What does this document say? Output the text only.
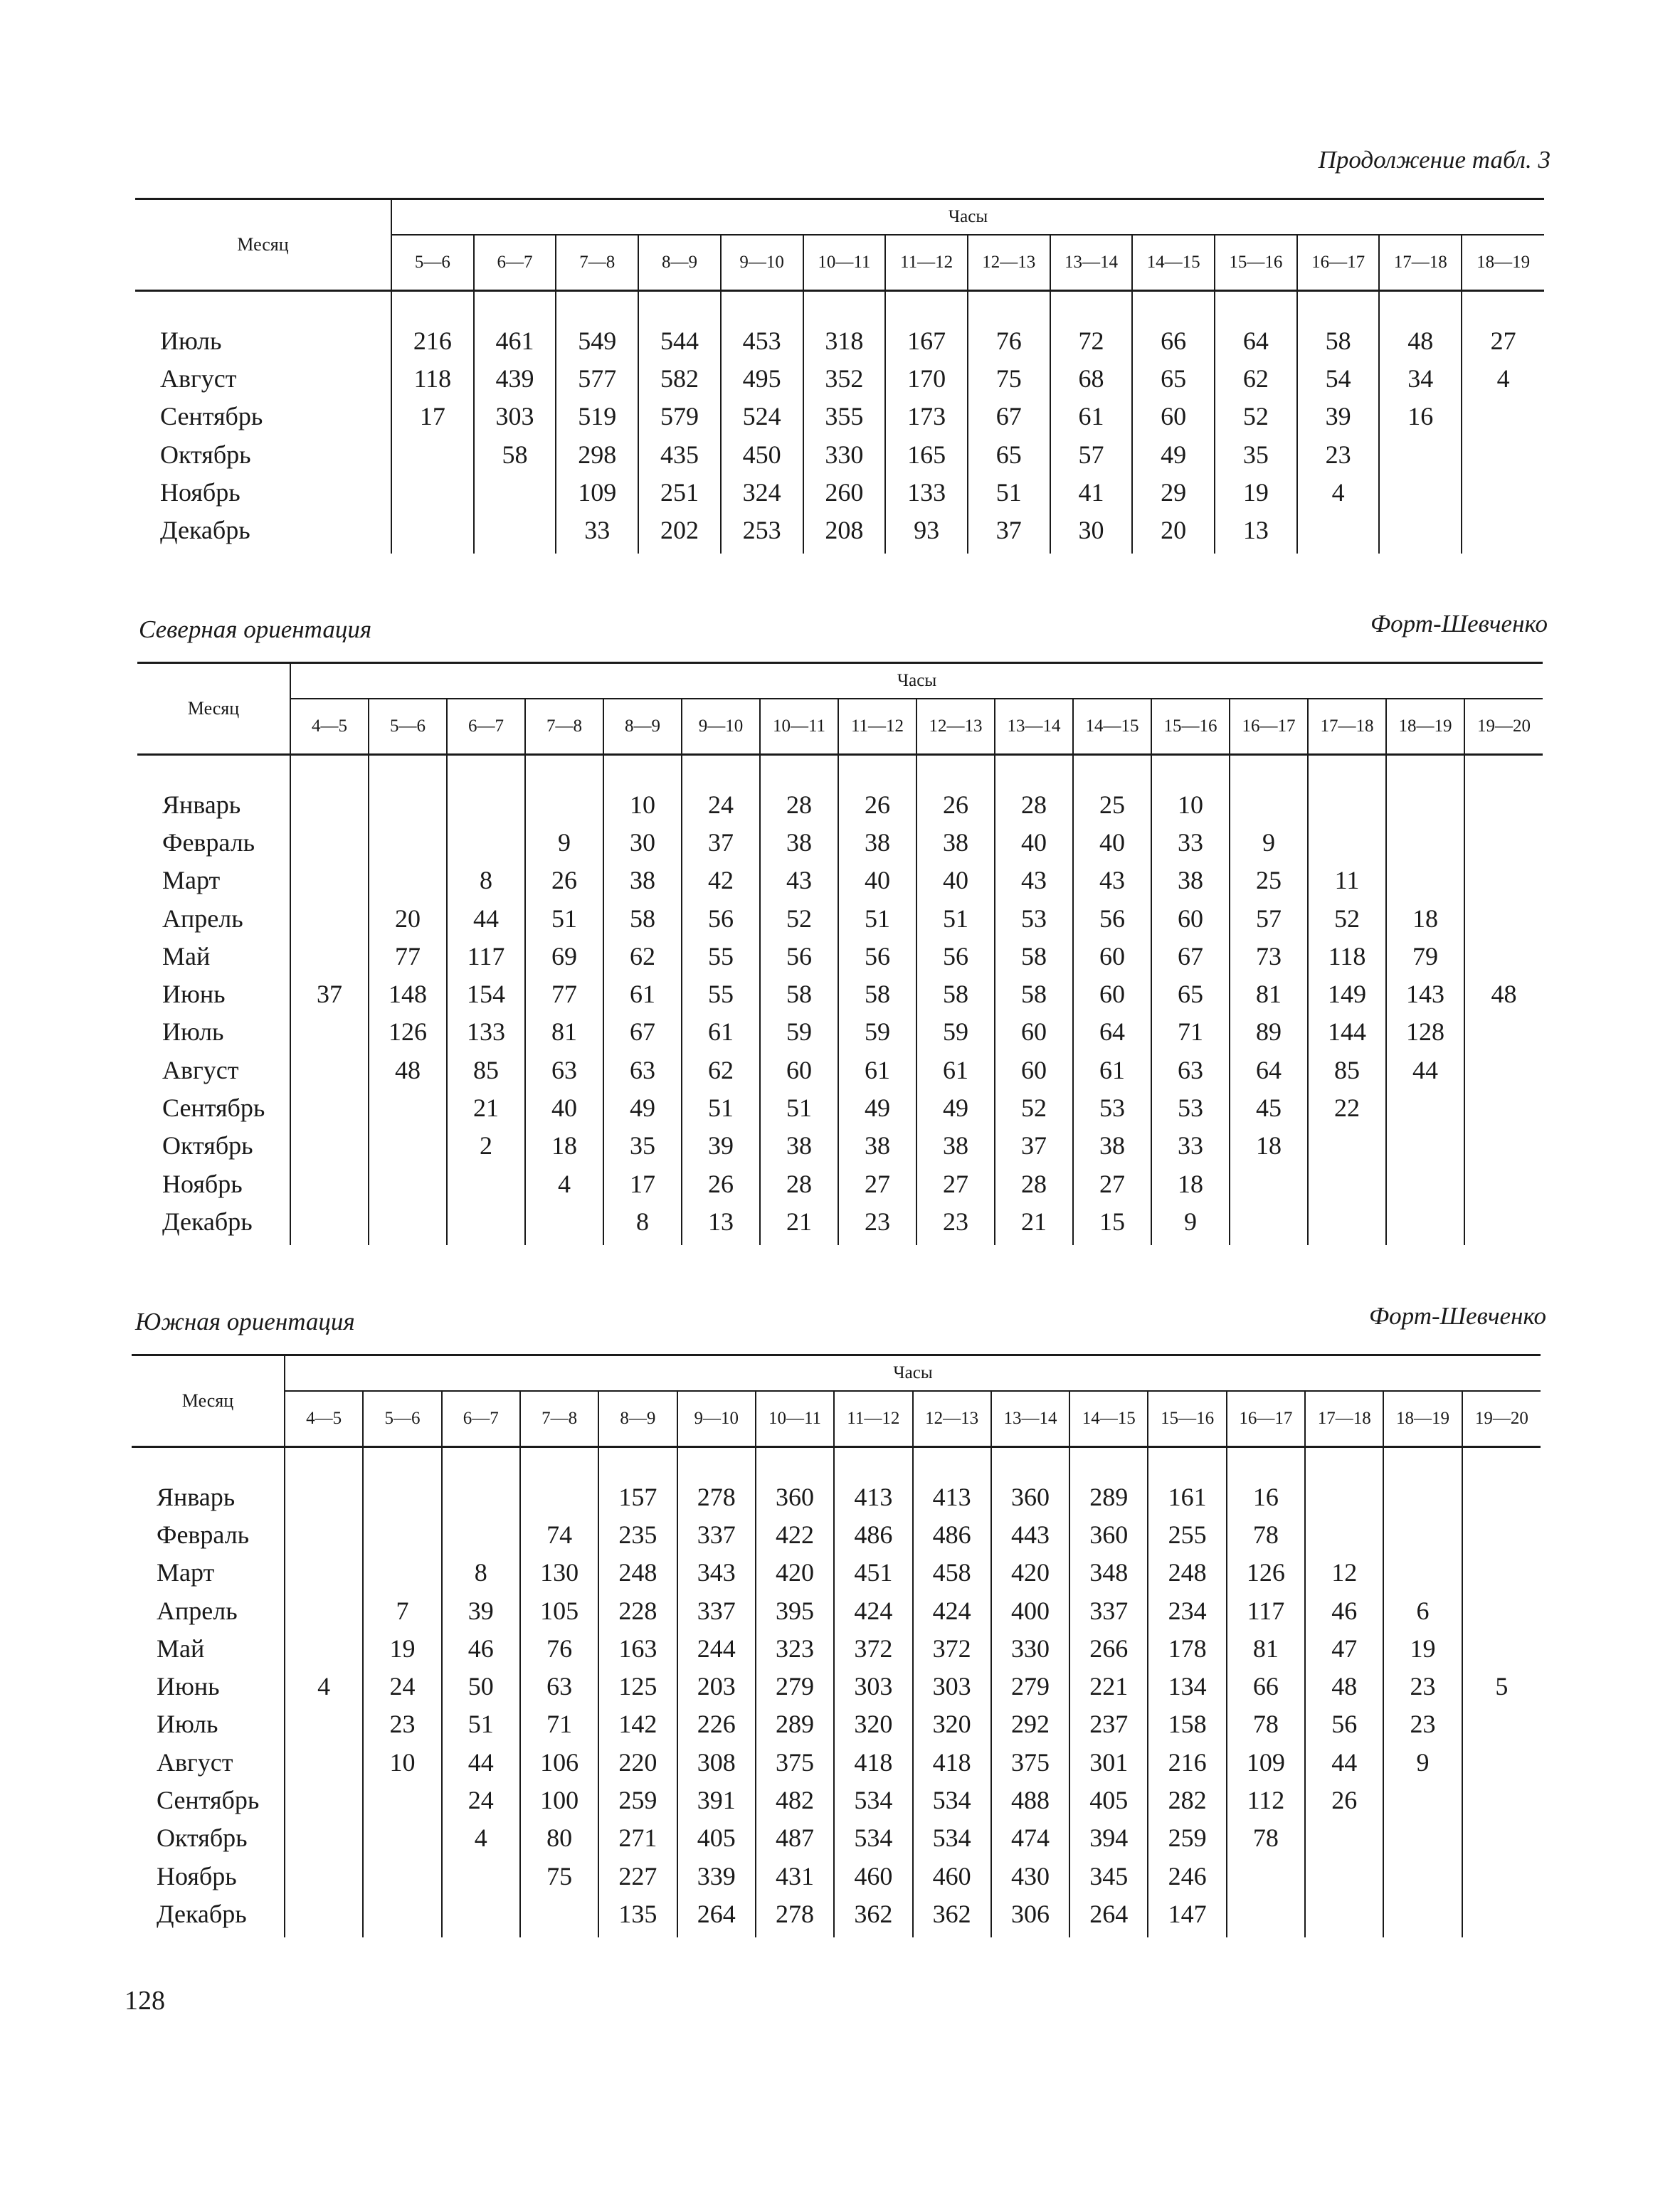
Продолжение табл. 3
Месяц	Часы													
	5—6	6—7	7—8	8—9	9—10	10—11	11—12	12—13	13—14	14—15	15—16	16—17	17—18	18—19

Июль	216	461	549	544	453	318	167	76	72	66	64	58	48	27
Август	118	439	577	582	495	352	170	75	68	65	62	54	34	4
Сентябрь	17	303	519	579	524	355	173	67	61	60	52	39	16	
Октябрь		58	298	435	450	330	165	65	57	49	35	23		
Ноябрь			109	251	324	260	133	51	41	29	19	4		
Декабрь			33	202	253	208	93	37	30	20	13			
Северная ориентация	Форт-Шевченко
Месяц	Часы															
	4—5	5—6	6—7	7—8	8—9	9—10	10—11	11—12	12—13	13—14	14—15	15—16	16—17	17—18	18—19	19—20

Январь					10	24	28	26	26	28	25	10				
Февраль				9	30	37	38	38	38	40	40	33	9			
Март			8	26	38	42	43	40	40	43	43	38	25	11		
Апрель		20	44	51	58	56	52	51	51	53	56	60	57	52	18	
Май		77	117	69	62	55	56	56	56	58	60	67	73	118	79	
Июнь	37	148	154	77	61	55	58	58	58	58	60	65	81	149	143	48
Июль		126	133	81	67	61	59	59	59	60	64	71	89	144	128	
Август		48	85	63	63	62	60	61	61	60	61	63	64	85	44	
Сентябрь			21	40	49	51	51	49	49	52	53	53	45	22		
Октябрь			2	18	35	39	38	38	38	37	38	33	18			
Ноябрь				4	17	26	28	27	27	28	27	18				
Декабрь					8	13	21	23	23	21	15	9				
Южная ориентация	Форт-Шевченко
Месяц	Часы															
	4—5	5—6	6—7	7—8	8—9	9—10	10—11	11—12	12—13	13—14	14—15	15—16	16—17	17—18	18—19	19—20

Январь					157	278	360	413	413	360	289	161	16			
Февраль				74	235	337	422	486	486	443	360	255	78			
Март			8	130	248	343	420	451	458	420	348	248	126	12		
Апрель		7	39	105	228	337	395	424	424	400	337	234	117	46	6	
Май		19	46	76	163	244	323	372	372	330	266	178	81	47	19	
Июнь	4	24	50	63	125	203	279	303	303	279	221	134	66	48	23	5
Июль		23	51	71	142	226	289	320	320	292	237	158	78	56	23	
Август		10	44	106	220	308	375	418	418	375	301	216	109	44	9	
Сентябрь			24	100	259	391	482	534	534	488	405	282	112	26		
Октябрь			4	80	271	405	487	534	534	474	394	259	78			
Ноябрь				75	227	339	431	460	460	430	345	246				
Декабрь					135	264	278	362	362	306	264	147				
128
